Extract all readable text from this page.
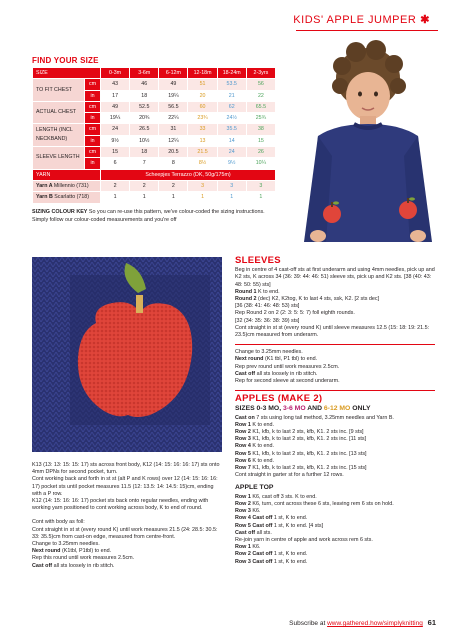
KIDS' APPLE JUMPER ✱
FIND YOUR SIZE
SIZE		0-3m	3-6m	6-12m	12-18m	18-24m	2-3yrs
TO FIT CHEST	cm	43	46	49	51	53.5	56
	in	17	18	19¼	20	21	22
ACTUAL CHEST	cm	49	52.5	56.5	60	62	65.5
	in	19¼	20¾	22¼	23¾	24½	25¾
LENGTH (INCL NECKBAND)	cm	24	26.5	31	33	35.5	38
	in	9½	10½	12¼	13	14	15
SLEEVE LENGTH	cm	15	18	20.5	21.5	24	26
	in	6	7	8	8½	9½	10¼
YARN		Scheepjes Terrazzo (DK, 50g/175m)					
Yarn A Millennio (731)		2	2	2	3	3	3
Yarn B Scarlatto (718)		1	1	1	1	1	1
SIZING COLOUR KEY So you can re-use this pattern, we've colour-coded the sizing instructions. Simply follow our colour-coded measurements and you're off

K13 (13: 13: 15: 15: 17) sts across front body, K12 (14: 15: 16: 16: 17) sts onto 4mm DPNs for second pocket, turn.

Cont working back and forth in st st (alt P and K rows) over 12 (14: 15: 16: 16: 17) pocket sts until pocket measures 11.5 (12: 13.5: 14: 14.5: 15)cm, ending with a P row.

K12 (14: 15: 16: 16: 17) pocket sts back onto regular needles, ending with working yarn positioned to cont working across body, K to end of round.

Cont with body as foll:

Cont straight in st st (every round K) until work measures 21.5 (24: 28.5: 30.5: 33: 35.5)cm from cast-on edge, measured from centre-front.

Change to 3.25mm needles.

Next round (K1tbl, P1tbl) to end.

Rep this round until work measures 2.5cm.

Cast off all sts loosely in rib stitch.

SLEEVES

Beg in centre of 4 cast-off sts at first underarm and using 4mm needles, pick up and K2 sts, K across 34 (36: 39: 44: 46: 51) sleeve sts, pick up and K2 sts. [38 (40: 43: 48: 50: 55) sts]

Round 1 K to end.

Round 2 (dec) K2, K2tog, K to last 4 sts, ssk, K2. [2 sts dec]

[36 (38: 41: 46: 48: 53) sts]

Rep Round 2 on 2 (2: 3: 5: 5: 7) foll eighth rounds.

[32 (34: 35: 36: 38: 39) sts]

Cont straight in st st (every round K) until sleeve measures 12.5 (15: 18: 19: 21.5: 23.5)cm measured from underarm.

Change to 3.25mm needles.

Next round (K1 tbl, P1 tbl) to end.

Rep prev round until work measures 2.5cm.

Cast off all sts loosely in rib stitch.

Rep for second sleeve at second underarm.

APPLES (MAKE 2)
SIZES 0-3 MO, 3-6 MO AND 6-12 MO ONLY

Cast on 7 sts using long tail method, 3.25mm needles and Yarn B.

Row 1 K to end.

Row 2 K1, kfb, k to last 2 sts, kfb, K1. 2 sts inc. [9 sts]

Row 3 K1, kfb, k to last 2 sts, kfb, K1. 2 sts inc. [11 sts]

Row 4 K to end.

Row 5 K1, kfb, k to last 2 sts, kfb, K1. 2 sts inc. [13 sts]

Row 6 K to end.

Row 7 K1, kfb, k to last 2 sts, kfb, K1. 2 sts inc. [15 sts]

Cont straight in garter st for a further 12 rows.

APPLE TOP

Row 1 K6, cast off 3 sts. K to end.

Row 2 K6, turn, cont across these 6 sts, leaving rem 6 sts on hold.

Row 3 K6.

Row 4 Cast off 1 st, K to end.

Row 5 Cast off 1 st, K to end. [4 sts]

Cast off all sts.

Re-join yarn in centre of apple and work across rem 6 sts.

Row 1 K6.

Row 2 Cast off 1 st, K to end.

Row 3 Cast off 1 st, K to end.

Subscribe at www.gathered.how/simplyknitting 61
